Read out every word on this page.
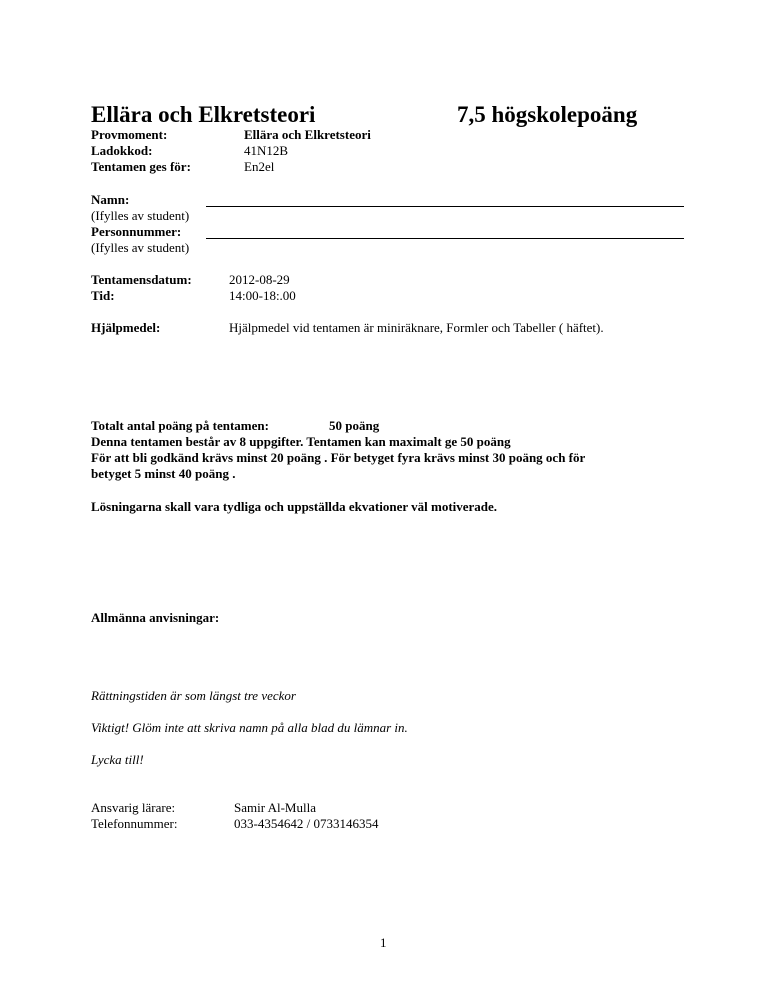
Ellära och Elkretsteori	7,5 högskolepoäng
Provmoment:	Ellära och Elkretsteori
Ladokkod:	41N12B
Tentamen ges för:	En2el
Namn:
(Ifylles av student)
Personnummer:
(Ifylles av student)
Tentamensdatum:	2012-08-29
Tid:	14:00-18:.00
Hjälpmedel:	Hjälpmedel vid tentamen är miniräknare, Formler och Tabeller ( häftet).
Totalt antal poäng på tentamen:	50 poäng
Denna tentamen består av 8 uppgifter. Tentamen kan maximalt ge 50 poäng
För att bli godkänd krävs minst 20 poäng . För betyget fyra krävs minst 30 poäng och för
betyget 5 minst 40 poäng .
Lösningarna skall vara tydliga och uppställda ekvationer väl motiverade.
Allmänna anvisningar:
Rättningstiden är som längst tre veckor
Viktigt! Glöm inte att skriva namn på alla blad du lämnar in.
Lycka till!
Ansvarig lärare:	Samir Al-Mulla
Telefonnummer:	033-4354642 / 0733146354
1
